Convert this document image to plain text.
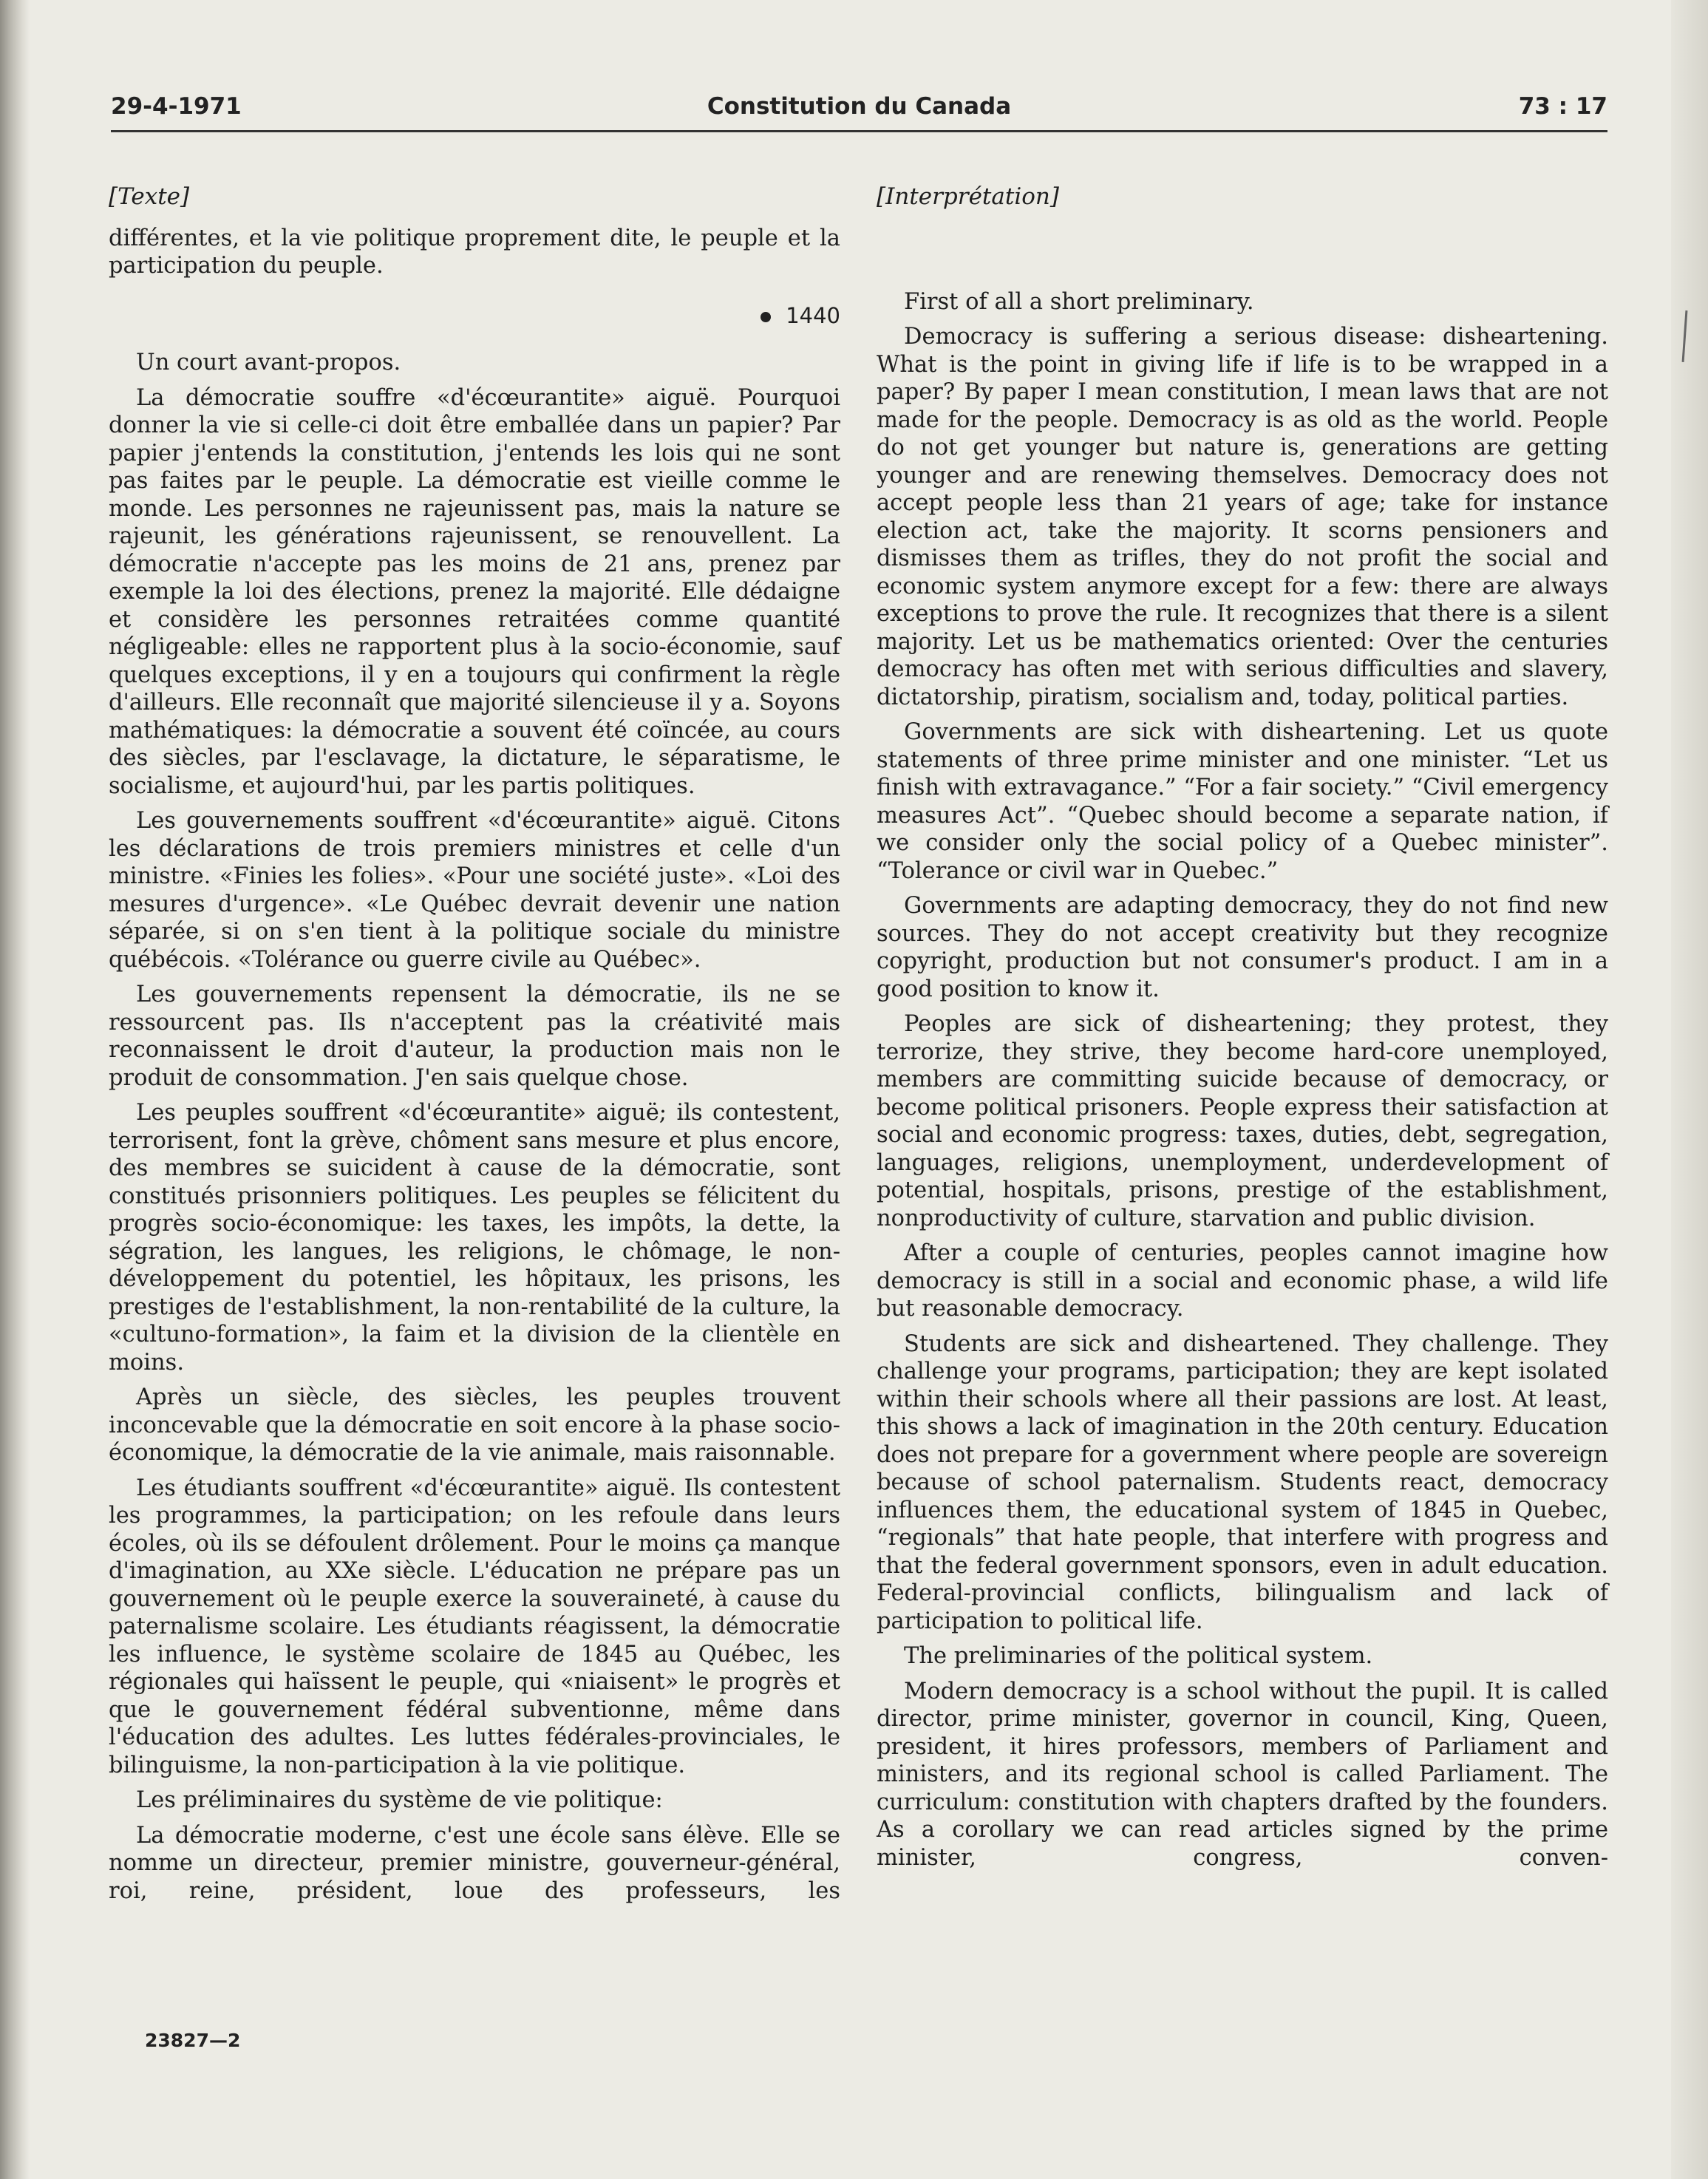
29-4-1971	Constitution du Canada	73 : 17
[Texte]

différentes, et la vie politique proprement dite, le peuple et la participation du peuple.

1440

Un court avant-propos.

La démocratie souffre «d'écœurantite» aiguë. Pourquoi donner la vie si celle-ci doit être emballée dans un papier? Par papier j'entends la constitution, j'entends les lois qui ne sont pas faites par le peuple. La démocratie est vieille comme le monde. Les personnes ne rajeunissent pas, mais la nature se rajeunit, les générations rajeunissent, se renouvellent. La démocratie n'accepte pas les moins de 21 ans, prenez par exemple la loi des élections, prenez la majorité. Elle dédaigne et considère les personnes retraitées comme quantité négligeable: elles ne rapportent plus à la socio-économie, sauf quelques exceptions, il y en a toujours qui confirment la règle d'ailleurs. Elle reconnaît que majorité silencieuse il y a. Soyons mathématiques: la démocratie a souvent été coïncée, au cours des siècles, par l'esclavage, la dictature, le séparatisme, le socialisme, et aujourd'hui, par les partis politiques.

Les gouvernements souffrent «d'écœurantite» aiguë. Citons les déclarations de trois premiers ministres et celle d'un ministre. «Finies les folies». «Pour une société juste». «Loi des mesures d'urgence». «Le Québec devrait devenir une nation séparée, si on s'en tient à la politique sociale du ministre québécois. «Tolérance ou guerre civile au Québec».

Les gouvernements repensent la démocratie, ils ne se ressourcent pas. Ils n'acceptent pas la créativité mais reconnaissent le droit d'auteur, la production mais non le produit de consommation. J'en sais quelque chose.

Les peuples souffrent «d'écœurantite» aiguë; ils contestent, terrorisent, font la grève, chôment sans mesure et plus encore, des membres se suicident à cause de la démocratie, sont constitués prisonniers politiques. Les peuples se félicitent du progrès socio-économique: les taxes, les impôts, la dette, la ségration, les langues, les religions, le chômage, le non-développement du potentiel, les hôpitaux, les prisons, les prestiges de l'establishment, la non-rentabilité de la culture, la «cultuno-formation», la faim et la division de la clientèle en moins.

Après un siècle, des siècles, les peuples trouvent inconcevable que la démocratie en soit encore à la phase socio-économique, la démocratie de la vie animale, mais raisonnable.

Les étudiants souffrent «d'écœurantite» aiguë. Ils contestent les programmes, la participation; on les refoule dans leurs écoles, où ils se défoulent drôlement. Pour le moins ça manque d'imagination, au XXe siècle. L'éducation ne prépare pas un gouvernement où le peuple exerce la souveraineté, à cause du paternalisme scolaire. Les étudiants réagissent, la démocratie les influence, le système scolaire de 1845 au Québec, les régionales qui haïssent le peuple, qui «niaisent» le progrès et que le gouvernement fédéral subventionne, même dans l'éducation des adultes. Les luttes fédérales-provinciales, le bilinguisme, la non-participation à la vie politique.

Les préliminaires du système de vie politique:

La démocratie moderne, c'est une école sans élève. Elle se nomme un directeur, premier ministre, gouverneur-général, roi, reine, président, loue des professeurs, les

[Interprétation]

First of all a short preliminary.

Democracy is suffering a serious disease: disheartening. What is the point in giving life if life is to be wrapped in a paper? By paper I mean constitution, I mean laws that are not made for the people. Democracy is as old as the world. People do not get younger but nature is, generations are getting younger and are renewing themselves. Democracy does not accept people less than 21 years of age; take for instance election act, take the majority. It scorns pensioners and dismisses them as trifles, they do not profit the social and economic system anymore except for a few: there are always exceptions to prove the rule. It recognizes that there is a silent majority. Let us be mathematics oriented: Over the centuries democracy has often met with serious difficulties and slavery, dictatorship, piratism, socialism and, today, political parties.

Governments are sick with disheartening. Let us quote statements of three prime minister and one minister. “Let us finish with extravagance.” “For a fair society.” “Civil emergency measures Act”. “Quebec should become a separate nation, if we consider only the social policy of a Quebec minister”. “Tolerance or civil war in Quebec.”

Governments are adapting democracy, they do not find new sources. They do not accept creativity but they recognize copyright, production but not consumer's product. I am in a good position to know it.

Peoples are sick of disheartening; they protest, they terrorize, they strive, they become hard-core unemployed, members are committing suicide because of democracy, or become political prisoners. People express their satisfaction at social and economic progress: taxes, duties, debt, segregation, languages, religions, unemployment, underdevelopment of potential, hospitals, prisons, prestige of the establishment, nonproductivity of culture, starvation and public division.

After a couple of centuries, peoples cannot imagine how democracy is still in a social and economic phase, a wild life but reasonable democracy.

Students are sick and disheartened. They challenge. They challenge your programs, participation; they are kept isolated within their schools where all their passions are lost. At least, this shows a lack of imagination in the 20th century. Education does not prepare for a government where people are sovereign because of school paternalism. Students react, democracy influences them, the educational system of 1845 in Quebec, “regionals” that hate people, that interfere with progress and that the federal government sponsors, even in adult education. Federal-provincial conflicts, bilingualism and lack of participation to political life.

The preliminaries of the political system.

Modern democracy is a school without the pupil. It is called director, prime minister, governor in council, King, Queen, president, it hires professors, members of Parliament and ministers, and its regional school is called Parliament. The curriculum: constitution with chapters drafted by the founders. As a corollary we can read articles signed by the prime minister, congress, conven-

23827—2
